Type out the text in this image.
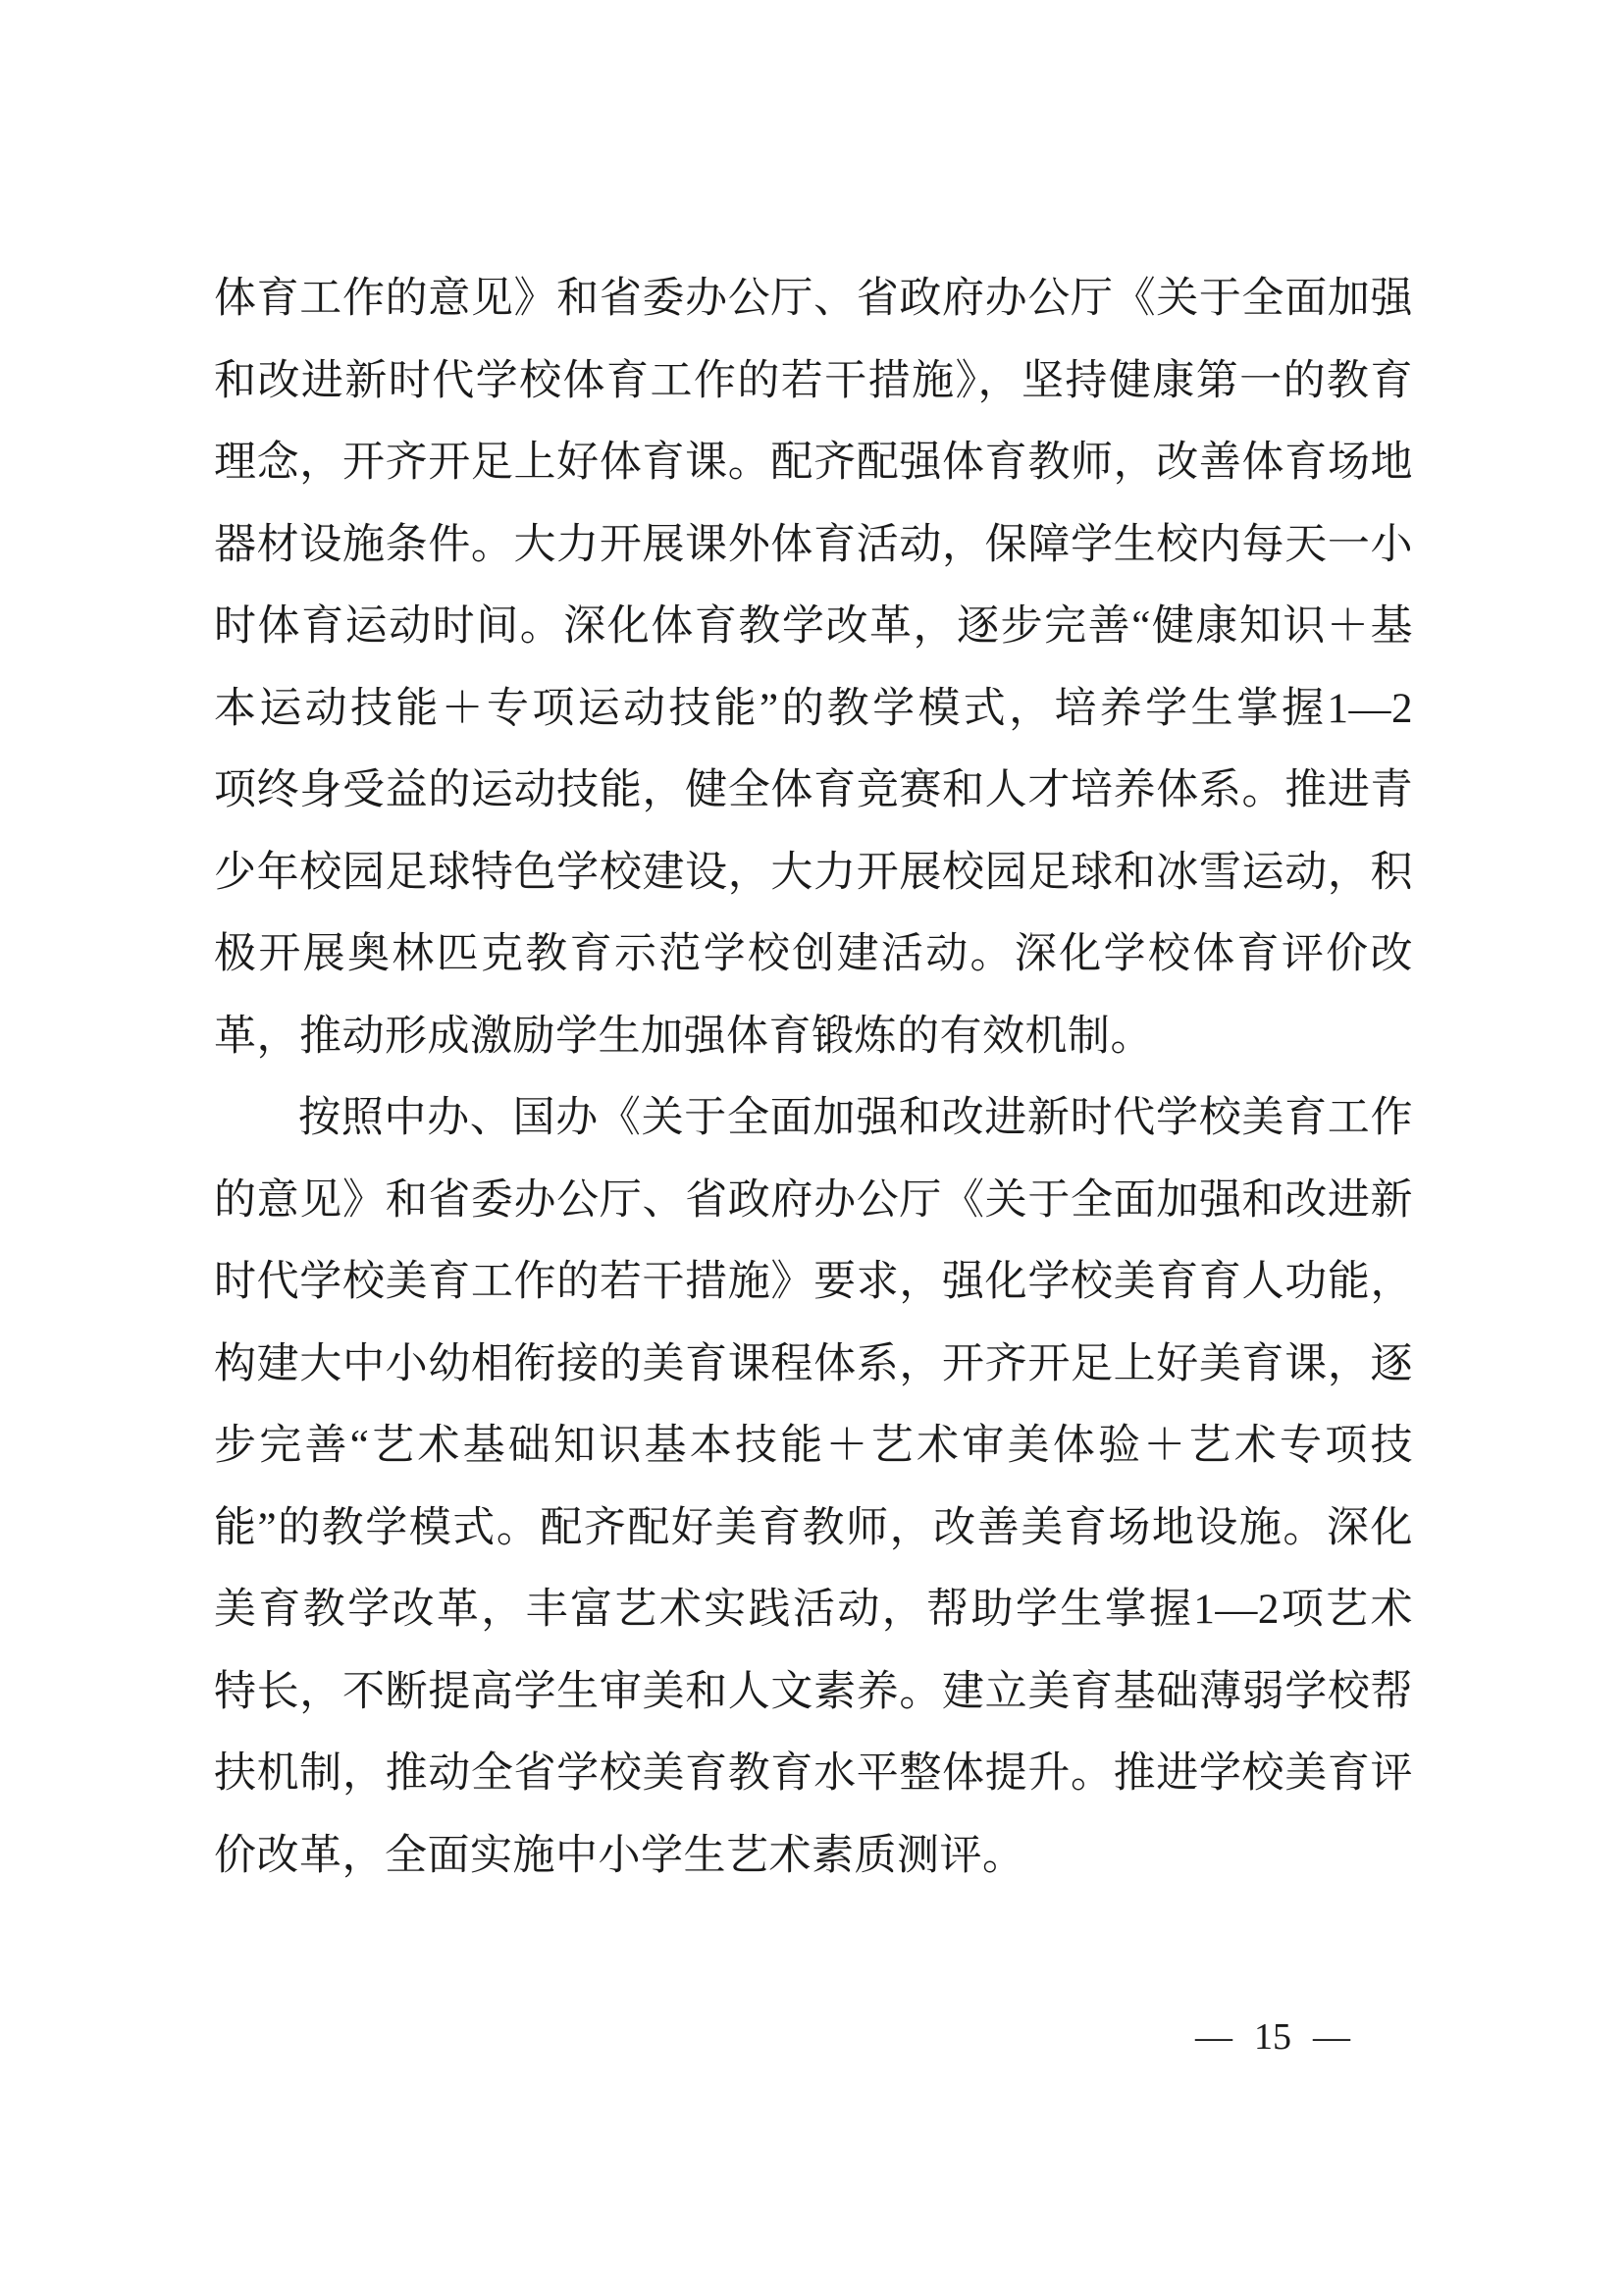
体育工作的意见》和省委办公厅、省政府办公厅《关于全面加强
和改进新时代学校体育工作的若干措施》，坚持健康第一的教育
理念，开齐开足上好体育课。配齐配强体育教师，改善体育场地
器材设施条件。大力开展课外体育活动，保障学生校内每天一小
时体育运动时间。深化体育教学改革，逐步完善“健康知识＋基
本运动技能＋专项运动技能”的教学模式，培养学生掌握1—2
项终身受益的运动技能，健全体育竞赛和人才培养体系。推进青
少年校园足球特色学校建设，大力开展校园足球和冰雪运动，积
极开展奥林匹克教育示范学校创建活动。深化学校体育评价改
革，推动形成激励学生加强体育锻炼的有效机制。
按照中办、国办《关于全面加强和改进新时代学校美育工作
的意见》和省委办公厅、省政府办公厅《关于全面加强和改进新
时代学校美育工作的若干措施》要求，强化学校美育育人功能，
构建大中小幼相衔接的美育课程体系，开齐开足上好美育课，逐
步完善“艺术基础知识基本技能＋艺术审美体验＋艺术专项技
能”的教学模式。配齐配好美育教师，改善美育场地设施。深化
美育教学改革，丰富艺术实践活动，帮助学生掌握1—2项艺术
特长，不断提高学生审美和人文素养。建立美育基础薄弱学校帮
扶机制，推动全省学校美育教育水平整体提升。推进学校美育评
价改革，全面实施中小学生艺术素质测评。
— 15 —
